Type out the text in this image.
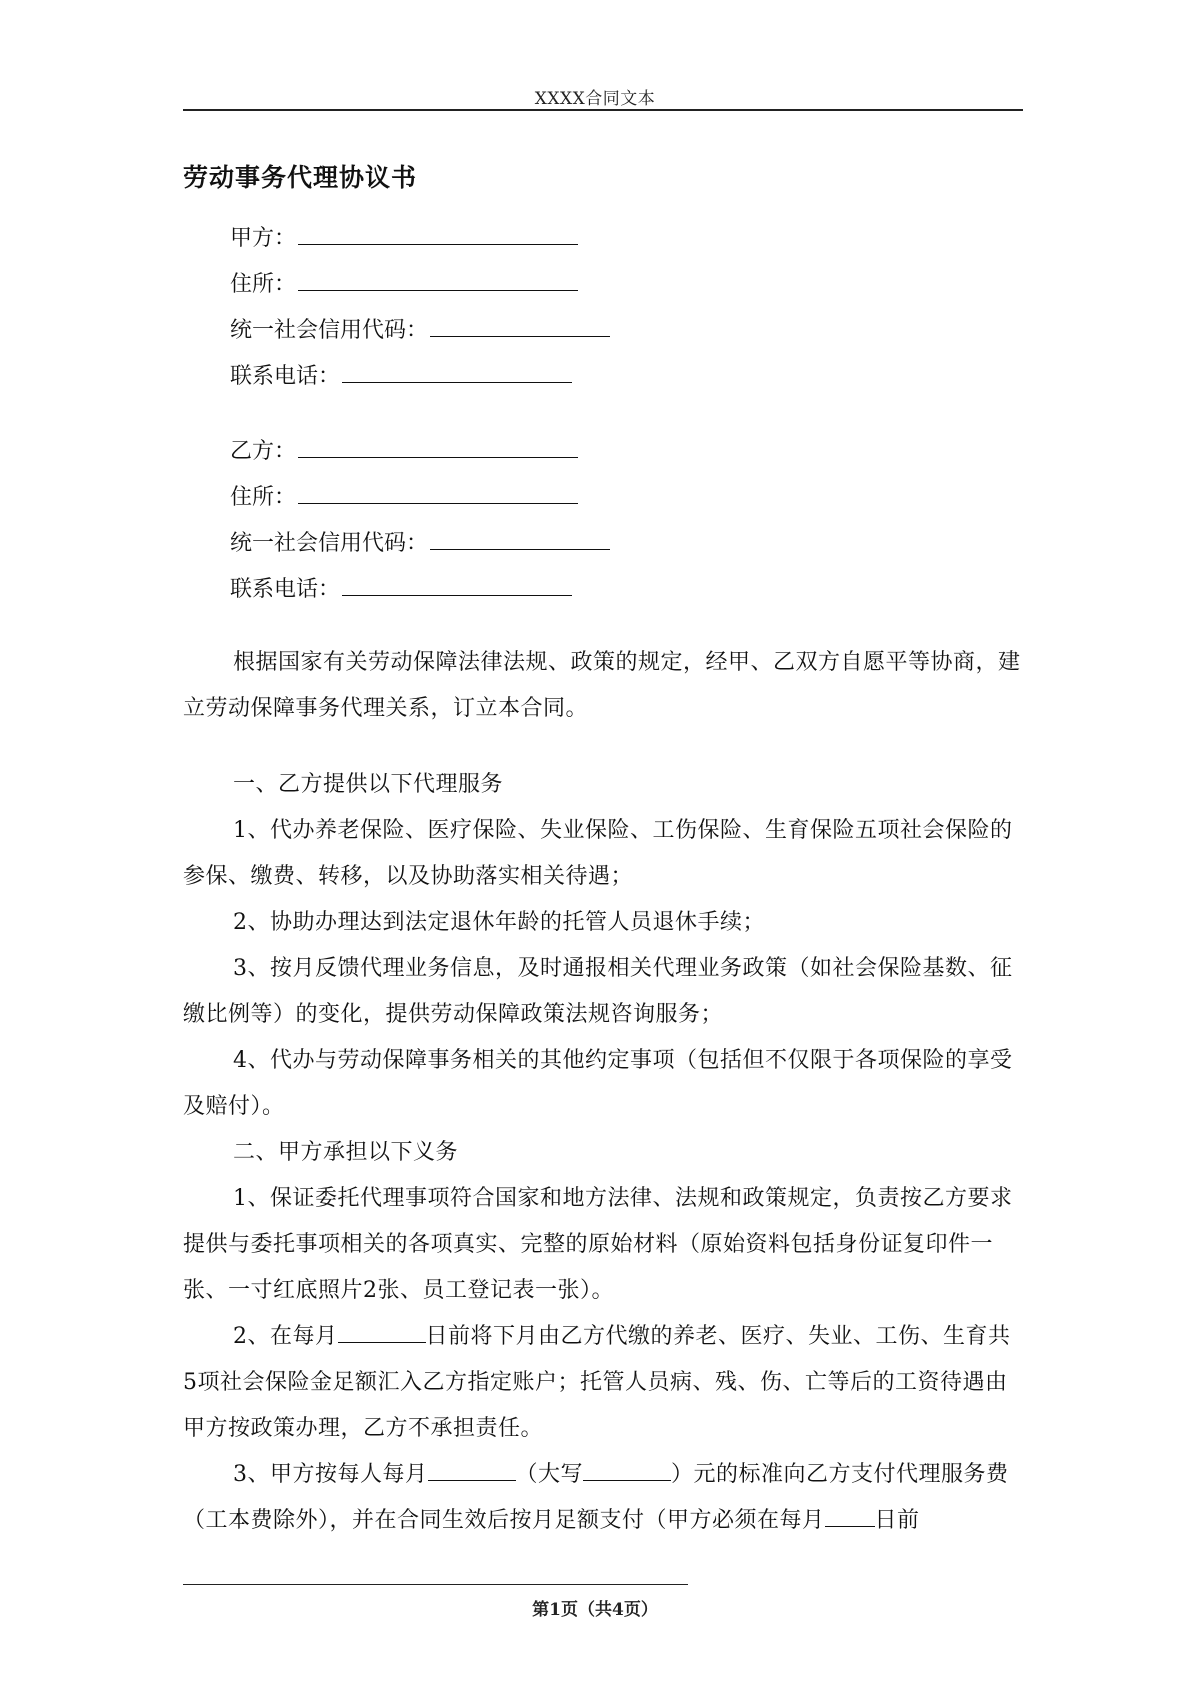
XXXX合同文本
劳动事务代理协议书
甲方：
住所：
统一社会信用代码：
联系电话：
乙方：
住所：
统一社会信用代码：
联系电话：

根据国家有关劳动保障法律法规、政策的规定，经甲、乙双方自愿平等协商，建立劳动保障事务代理关系，订立本合同。

一、乙方提供以下代理服务

1、代办养老保险、医疗保险、失业保险、工伤保险、生育保险五项社会保险的参保、缴费、转移，以及协助落实相关待遇；

2、协助办理达到法定退休年龄的托管人员退休手续；

3、按月反馈代理业务信息，及时通报相关代理业务政策（如社会保险基数、征缴比例等）的变化，提供劳动保障政策法规咨询服务；

4、代办与劳动保障事务相关的其他约定事项（包括但不仅限于各项保险的享受及赔付）。

二、甲方承担以下义务

1、保证委托代理事项符合国家和地方法律、法规和政策规定，负责按乙方要求提供与委托事项相关的各项真实、完整的原始材料（原始资料包括身份证复印件一张、一寸红底照片2张、员工登记表一张）。

2、在每月	日前将下月由乙方代缴的养老、医疗、失业、工伤、生育共5项社会保险金足额汇入乙方指定账户；托管人员病、残、伤、亡等后的工资待遇由甲方按政策办理，乙方不承担责任。

3、甲方按每人每月	（大写	）元的标准向乙方支付代理服务费（工本费除外），并在合同生效后按月足额支付（甲方必须在每月 日前

第1页（共4页）
